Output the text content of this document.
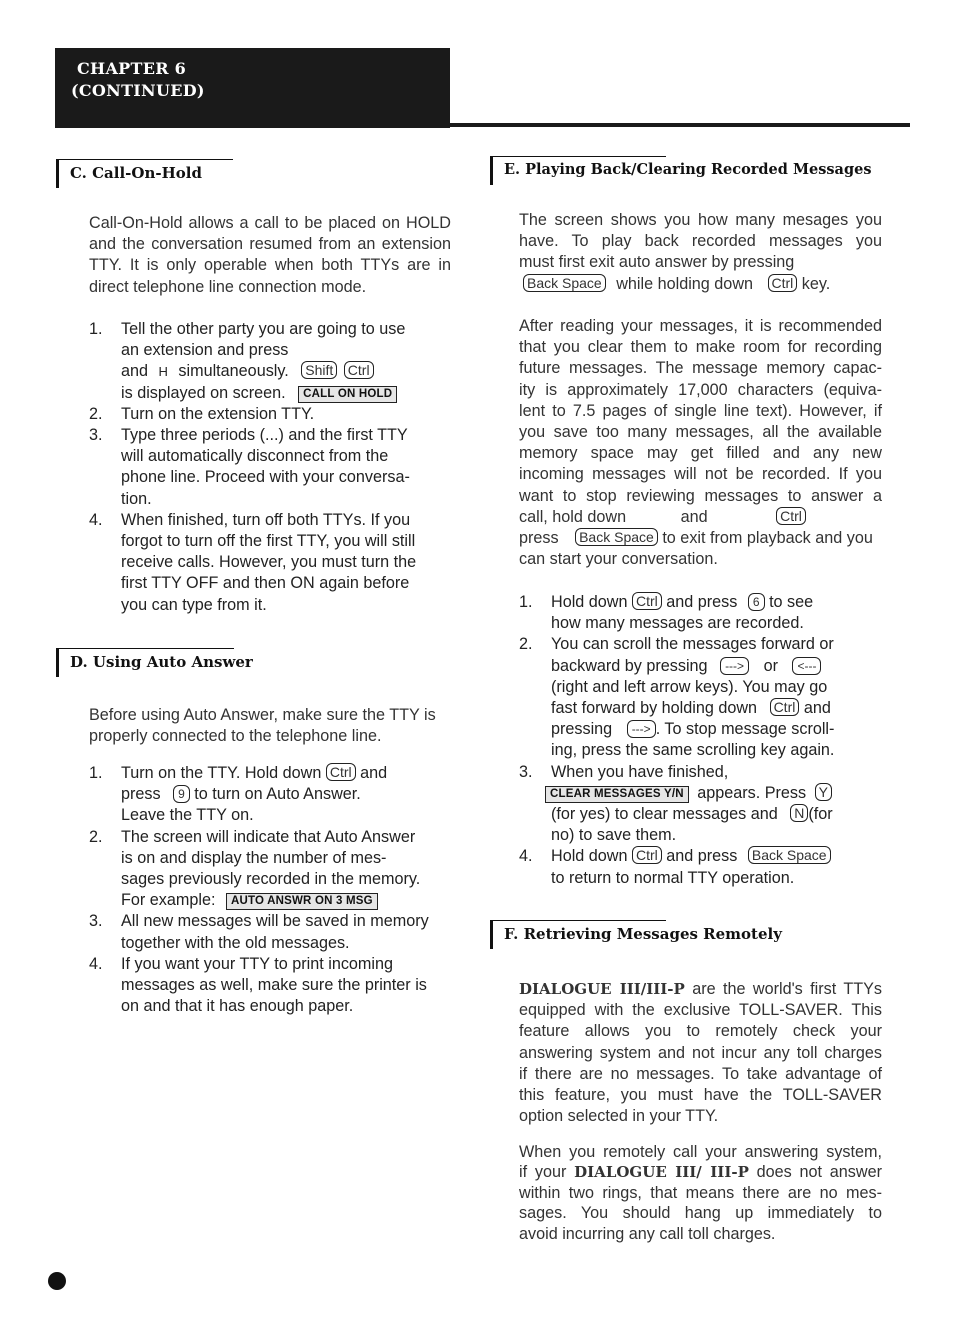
CHAPTER 6
(CONTINUED)
C. Call-On-Hold
Call-On-Hold allows a call to be placed on HOLD
and the conversation resumed from an extension
TTY. It is only operable when both TTYs are in
direct telephone line connection mode.
1. Tell the other party you are going to use
an extension and press
and H simultaneously. Shift Ctrl
is displayed on screen. CALL ON HOLD
2. Turn on the extension TTY.
3. Type three periods (...) and the first TTY
will automatically disconnect from the
phone line. Proceed with your conversa-
tion.
4. When finished, turn off both TTYs. If you
forgot to turn off the first TTY, you will still
receive calls. However, you must turn the
first TTY OFF and then ON again before
you can type from it.
D. Using Auto Answer
Before using Auto Answer, make sure the TTY is
properly connected to the telephone line.
1. Turn on the TTY. Hold down Ctrl and
press 9 to turn on Auto Answer.
Leave the TTY on.
2. The screen will indicate that Auto Answer
is on and display the number of mes-
sages previously recorded in the memory.
For example: AUTO ANSWR ON 3 MSG
3. All new messages will be saved in memory
together with the old messages.
4. If you want your TTY to print incoming
messages as well, make sure the printer is
on and that it has enough paper.
E. Playing Back/Clearing Recorded Messages
The screen shows you how many mesages you
have. To play back recorded messages you
must first exit auto answer by pressing
Back Space while holding down Ctrl key.
After reading your messages, it is recommended
that you clear them to make room for recording
future messages. The message memory capac-
ity is approximately 17,000 characters (equiva-
lent to 7.5 pages of single line text). However, if
you save too many messages, all the available
memory space may get filled and any new
incoming messages will not be recorded. If you
want to stop reviewing messages to answer a
call, hold down	and	Ctrl
press Back Space to exit from playback and you
can start your conversation.
1. Hold down Ctrl and press 6 to see
how many messages are recorded.
2. You can scroll the messages forward or
backward by pressing ---> or <---
(right and left arrow keys). You may go
fast forward by holding down Ctrl and
pressing ---> . To stop message scroll-
ing, press the same scrolling key again.
3. When you have finished,
CLEAR MESSAGES Y/N appears. Press Y
(for yes) to clear messages and N (for
no) to save them.
4. Hold down Ctrl and press Back Space
to return to normal TTY operation.
F. Retrieving Messages Remotely
DIALOGUE III/III-P are the world's first TTYs
equipped with the exclusive TOLL-SAVER. This
feature allows you to remotely check your
answering system and not incur any toll charges
if there are no messages. To take advantage of
this feature, you must have the TOLL-SAVER
option selected in your TTY.
When you remotely call your answering system,
if your DIALOGUE III/ III-P does not answer
within two rings, that means there are no mes-
sages. You should hang up immediately to
avoid incurring any call toll charges.
